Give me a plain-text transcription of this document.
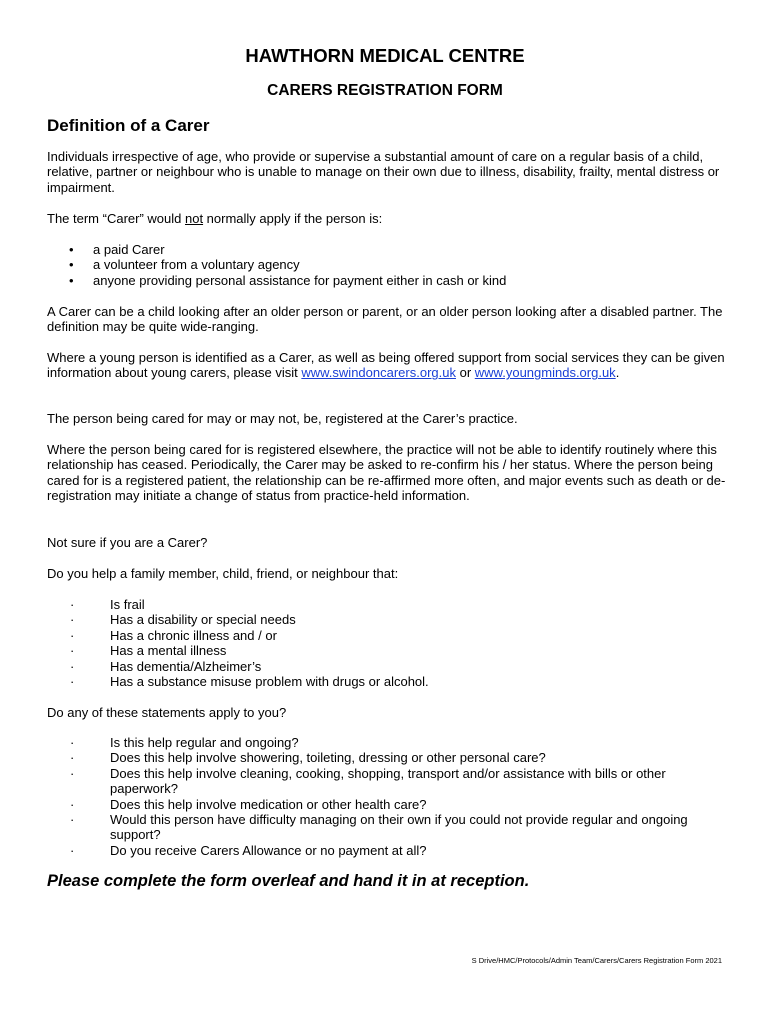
HAWTHORN MEDICAL CENTRE
CARERS REGISTRATION FORM
Definition of a Carer
Individuals irrespective of age, who provide or supervise a substantial amount of care on a regular basis of a child, relative, partner or neighbour who is unable to manage on their own due to illness, disability, frailty, mental distress or impairment.
The term “Carer” would not normally apply if the person is:
• a paid Carer
• a volunteer from a voluntary agency
• anyone providing personal assistance for payment either in cash or kind
A Carer can be a child looking after an older person or parent, or an older person looking after a disabled partner. The definition may be quite wide-ranging.
Where a young person is identified as a Carer, as well as being offered support from social services they can be given information about young carers, please visit www.swindoncarers.org.uk or www.youngminds.org.uk.
The person being cared for may or may not, be, registered at the Carer’s practice.
Where the person being cared for is registered elsewhere, the practice will not be able to identify routinely where this relationship has ceased. Periodically, the Carer may be asked to re-confirm his / her status. Where the person being cared for is a registered patient, the relationship can be re-affirmed more often, and major events such as death or de-registration may initiate a change of status from practice-held information.
Not sure if you are a Carer?
Do you help a family member, child, friend, or neighbour that:
·	Is frail
·	Has a disability or special needs
·	Has a chronic illness and / or
·	Has a mental illness
·	Has dementia/Alzheimer’s
·	Has a substance misuse problem with drugs or alcohol.
Do any of these statements apply to you?
·	Is this help regular and ongoing?
·	Does this help involve showering, toileting, dressing or other personal care?
·	Does this help involve cleaning, cooking, shopping, transport and/or assistance with bills or other paperwork?
·	Does this help involve medication or other health care?
·	Would this person have difficulty managing on their own if you could not provide regular and ongoing support?
·	Do you receive Carers Allowance or no payment at all?
Please complete the form overleaf and hand it in at reception.
S Drive/HMC/Protocols/Admin Team/Carers/Carers Registration Form 2021
